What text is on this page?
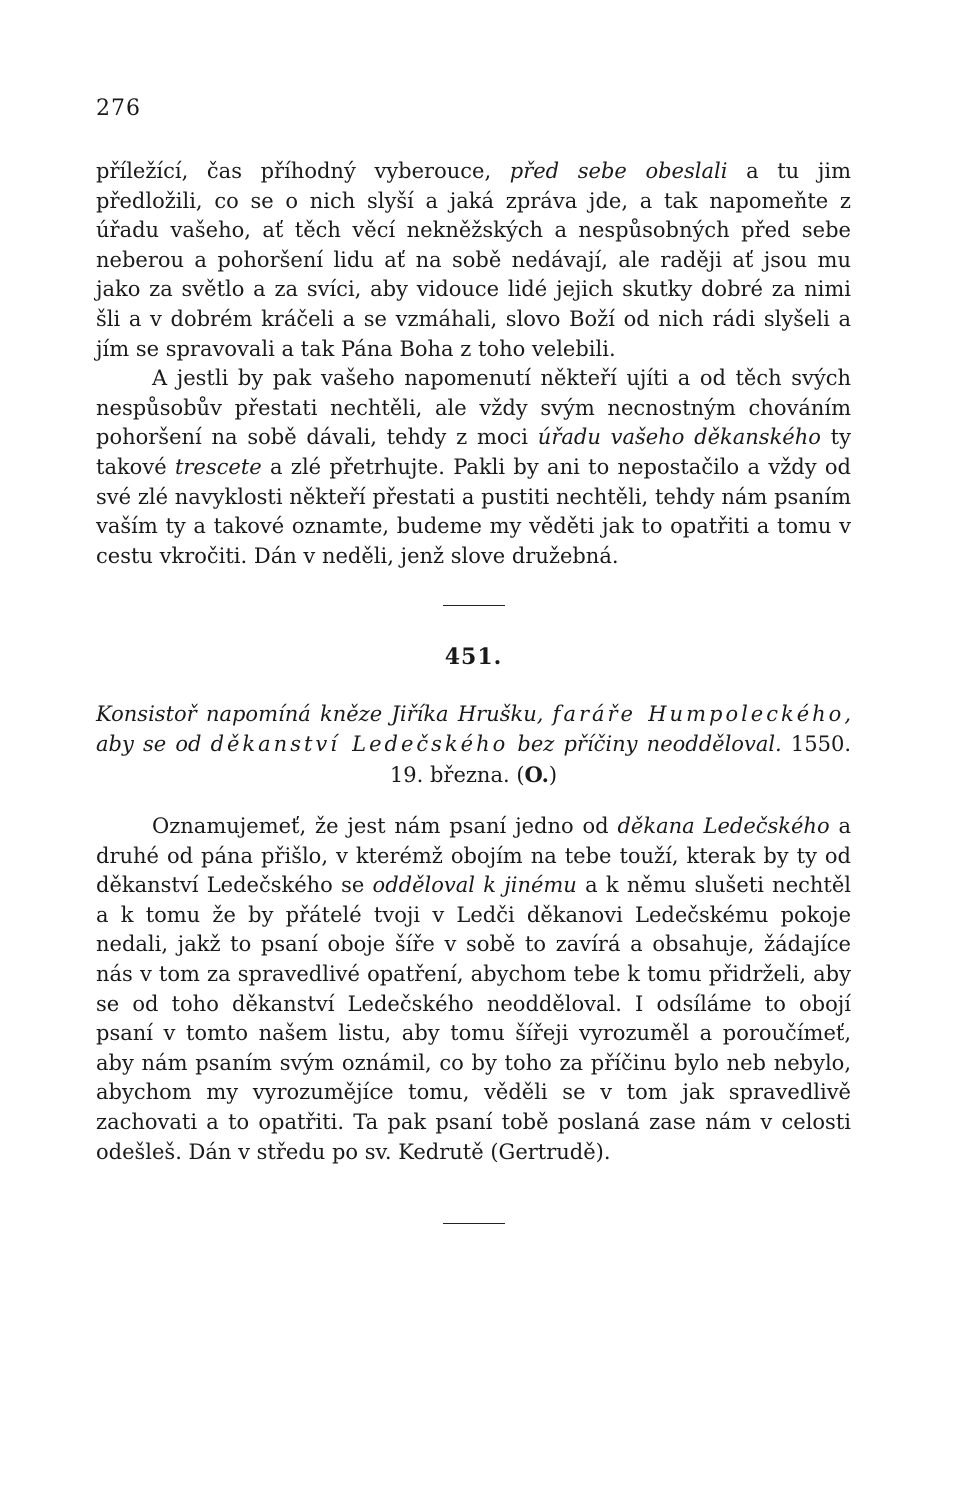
276

příležící, čas příhodný vyberouce, před sebe obeslali a tu jim předložili, co se o nich slyší a jaká zpráva jde, a tak napomeňte z úřadu vašeho, ať těch věcí nekněžských a nespůsobných před sebe neberou a pohoršení lidu ať na sobě nedávají, ale raději ať jsou mu jako za světlo a za svíci, aby vidouce lidé jejich skutky dobré za nimi šli a v dobrém kráčeli a se vzmáhali, slovo Boží od nich rádi slyšeli a jím se spravovali a tak Pána Boha z toho velebili.

A jestli by pak vašeho napomenutí někteří ujíti a od těch svých nespůsobův přestati nechtěli, ale vždy svým necnostným chováním pohoršení na sobě dávali, tehdy z moci úřadu vašeho děkanského ty takové trescete a zlé přetrhujte. Pakli by ani to nepostačilo a vždy od své zlé navyklosti někteří přestati a pustiti nechtěli, tehdy nám psaním vaším ty a takové oznamte, budeme my věděti jak to opatřiti a tomu v cestu vkročiti. Dán v neděli, jenž slove družebná.

451.

Konsistoř napomíná kněze Jiříka Hrušku, faráře Humpoleckého, aby se od děkanství Ledečského bez příčiny neodděloval. 1550. 19. března. (O.)

Oznamujemeť, že jest nám psaní jedno od děkana Ledečského a druhé od pána přišlo, v kterémž obojím na tebe touží, kterak by ty od děkanství Ledečského se odděloval k jinému a k němu slušeti nechtěl a k tomu že by přátelé tvoji v Ledči děkanovi Ledečskému pokoje nedali, jakž to psaní oboje šíře v sobě to zavírá a obsahuje, žádajíce nás v tom za spravedlivé opatření, abychom tebe k tomu přidrželi, aby se od toho děkanství Ledečského neodděloval. I odsíláme to obojí psaní v tomto našem listu, aby tomu šířeji vyrozuměl a poroučímeť, aby nám psaním svým oznámil, co by toho za příčinu bylo neb nebylo, abychom my vyrozumějíce tomu, věděli se v tom jak spravedlivě zachovati a to opatřiti. Ta pak psaní tobě poslaná zase nám v celosti odešleš. Dán v středu po sv. Kedrutě (Gertrudě).
